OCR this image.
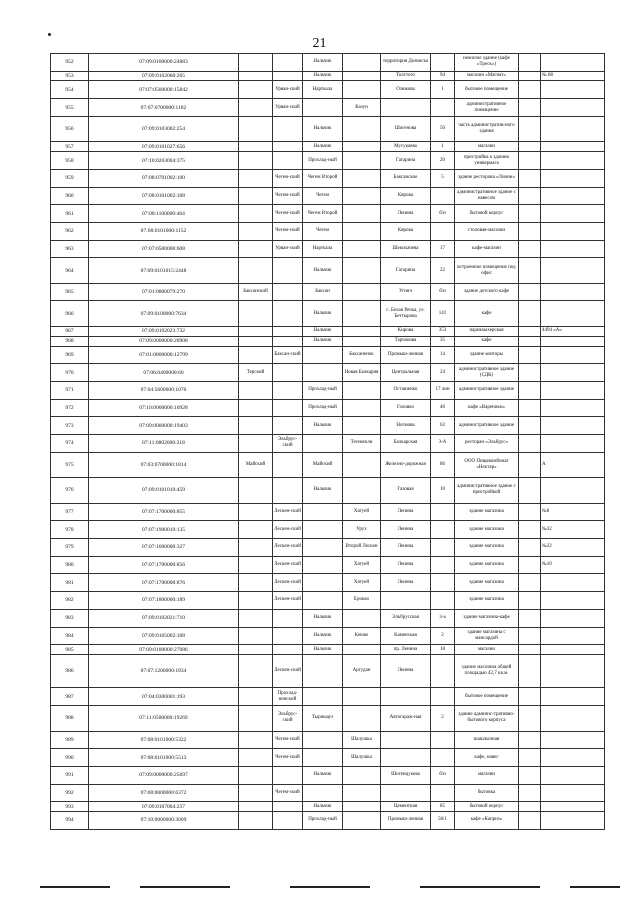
21
952	07:09:0100000:24883			Нальчик		территория Дозвиска		нежилое здание (кафе «Треск»)		
953	07:09:0102060:265			Нальчик		Толстого	94	магазин «Магнат»		№ 88
954	07:07:0500000:15842		Урван-ский	Нарткала		Озюкова	1	бытовое помещение		
955	07:07:0700000:1182		Урван-ский		Казун			административное помещение		
956	07:09:0103002:254			Нальчик		Шогенова	50	часть административ-ного здания		
957	07:09:0101027:656			Нальчик		Мусукаева	1	магазин		
958	07:10:0203004:375			Прохлад-ный		Гагарина	20	пристройка к зданию универмага		
959	07:08:0701002:100		Чегем-ский	Чегем Второй		Баксанское	5	здание ресторана «Лионн»		
960	07:08:0101002:108		Чегем-ский	Чегем		Кярова		административное здание с навесом		
961	07:08:1100000:464		Чегем-ский	Чегем Второй		Ленина	б/н	бытовой корпус		
962	07:08:0101000:1152		Чегем-ский	Чегем		Кярова		столовая-магазин		
963	07:07:0500000:608		Урван-ский	Нарткала		Шекихачева	17	кафе-магазин		
964	07:09:0101015:2448			Нальчик		Гагарина	22	встроенное помещение под офис		
965	07:01:0800079:270	Баксанский		Баксан		Угнич	б/н	здание детского кафе		
966	07:09:0100000:7634			Нальчик		с. Белая Речка, ул. Беттырова	141	кафе		
967	07:09:0102023:732			Нальчик		Кирова	353	парикмахерская		4494 «А»
968	07:09:0000000:20908			Нальчик		Тарчокова	35	кафе		
969	07:01:0800000:12799		Баксан-ский		Баксаненок	Промыш-ленная	14	здание конторы		
970	07:06:0400000:60	Терский			Новая Балкария	Центральная	24	административное здание (СДК)		
971	07:04:5600000:1070			Прохлад-ный		Осташенко	17 лин	административное здание		
972	07:10:0000000:10928			Прохлад-ный		Головко	46	кафе «Вареники»		
973	07:09:0000000:19403			Нальчик		Ногмова	62	административное здание		
974	07:11:0802000:218		Эльбрус-ский		Тегенекли	Балкарская	3-А	ресторан «Эльбрус»		
975	07:03:0700000:1814	Майский		Майский		Железно-дорожная	86	ООО Пищекомбинат «Нектар»		А
976	07:09:0101010:459			Нальчик		Газовая	10	административное здание с пристройкой		
977	07:07:1700000:855		Лескен-ский		Хатуей	Ленина		здание магазина		№8
978	07:07:1900010:135		Лескен-ский		Урух	Ленина		здание магазина		№32
979	07:07:1600000:327		Лескен-ский		Второй Лескен	Ленина		здание магазина		№22
980	07:07:1700000:856		Лескен-ский		Хатуей	Ленина		здание магазина		№10
981	07:07:1700000:876		Лескен-ский		Хатуей	Ленина		здание магазина		
982	07:07:1800000:189		Лескен-ский		Ерокко			здание магазина		
983	07:09:0102021:710			Нальчик		Эльбрусская	3-а	здание магазина-кафе		
984	07:09:0105002:108			Нальчик	Кенже	Каменская	2	здание магазина с мансардой		
985	07:09:0100000:27086			Нальчик		пр. Ленина	18	магазин		
986	07:07:1200000:1834		Лескен-ский		Аргудан	Ленина		здание магазина общей площадью 42,7 кв.м.		
987	07:04:0300001:193		Прохлад-ненский					бытовое помещение		
988	07:11:0500000:19269		Эльбрус-ский	Тырныауз		Автогараж-ная	2	здание админис-тративно-бытового корпуса		
989	07:08:0101000:5322		Чегем-ский		Шалушка			шашлычная		
990	07:08:0101000:5513		Чегем-ский		Шалушка			кафе, навес		
991	07:09:0000000:25697			Нальчик		Шогенцукова	б/н	магазин		
992	07:08:0000000:6372		Чегем-ский					бытовка		
993	07:09:0107004:237			Нальчик		Цементная	85	бытовой корпус		
994	07:10:0000000:3009			Прохлад-ный		Промыш-ленная	58/1	кафе «Каприз»		
